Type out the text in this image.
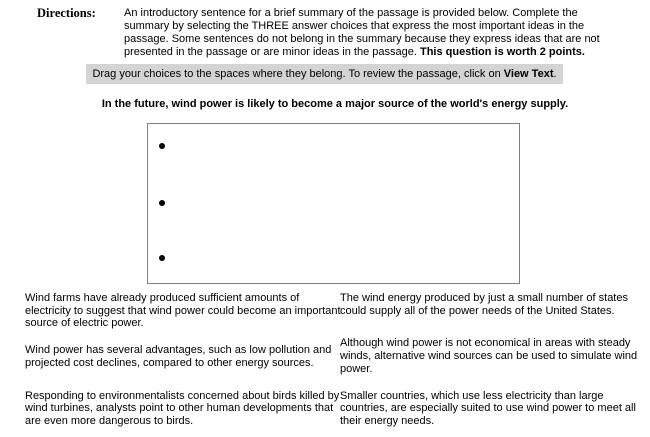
Directions:	An introductory sentence for a brief summary of the passage is provided below. Complete the summary by selecting the THREE answer choices that express the most important ideas in the passage. Some sentences do not belong in the summary because they express ideas that are not presented in the passage or are minor ideas in the passage. This question is worth 2 points.

Drag your choices to the spaces where they belong. To review the passage, click on View Text.
In the future, wind power is likely to become a major source of the world's energy supply.

Wind farms have already produced sufficient amounts of electricity to suggest that wind power could become an important source of electric power.

Wind power has several advantages, such as low pollution and projected cost declines, compared to other energy sources.

Responding to environmentalists concerned about birds killed by wind turbines, analysts point to other human developments that are even more dangerous to birds.

The wind energy produced by just a small number of states could supply all of the power needs of the United States.

Although wind power is not economical in areas with steady winds, alternative wind sources can be used to simulate wind power.

Smaller countries, which use less electricity than large countries, are especially suited to use wind power to meet all their energy needs.
